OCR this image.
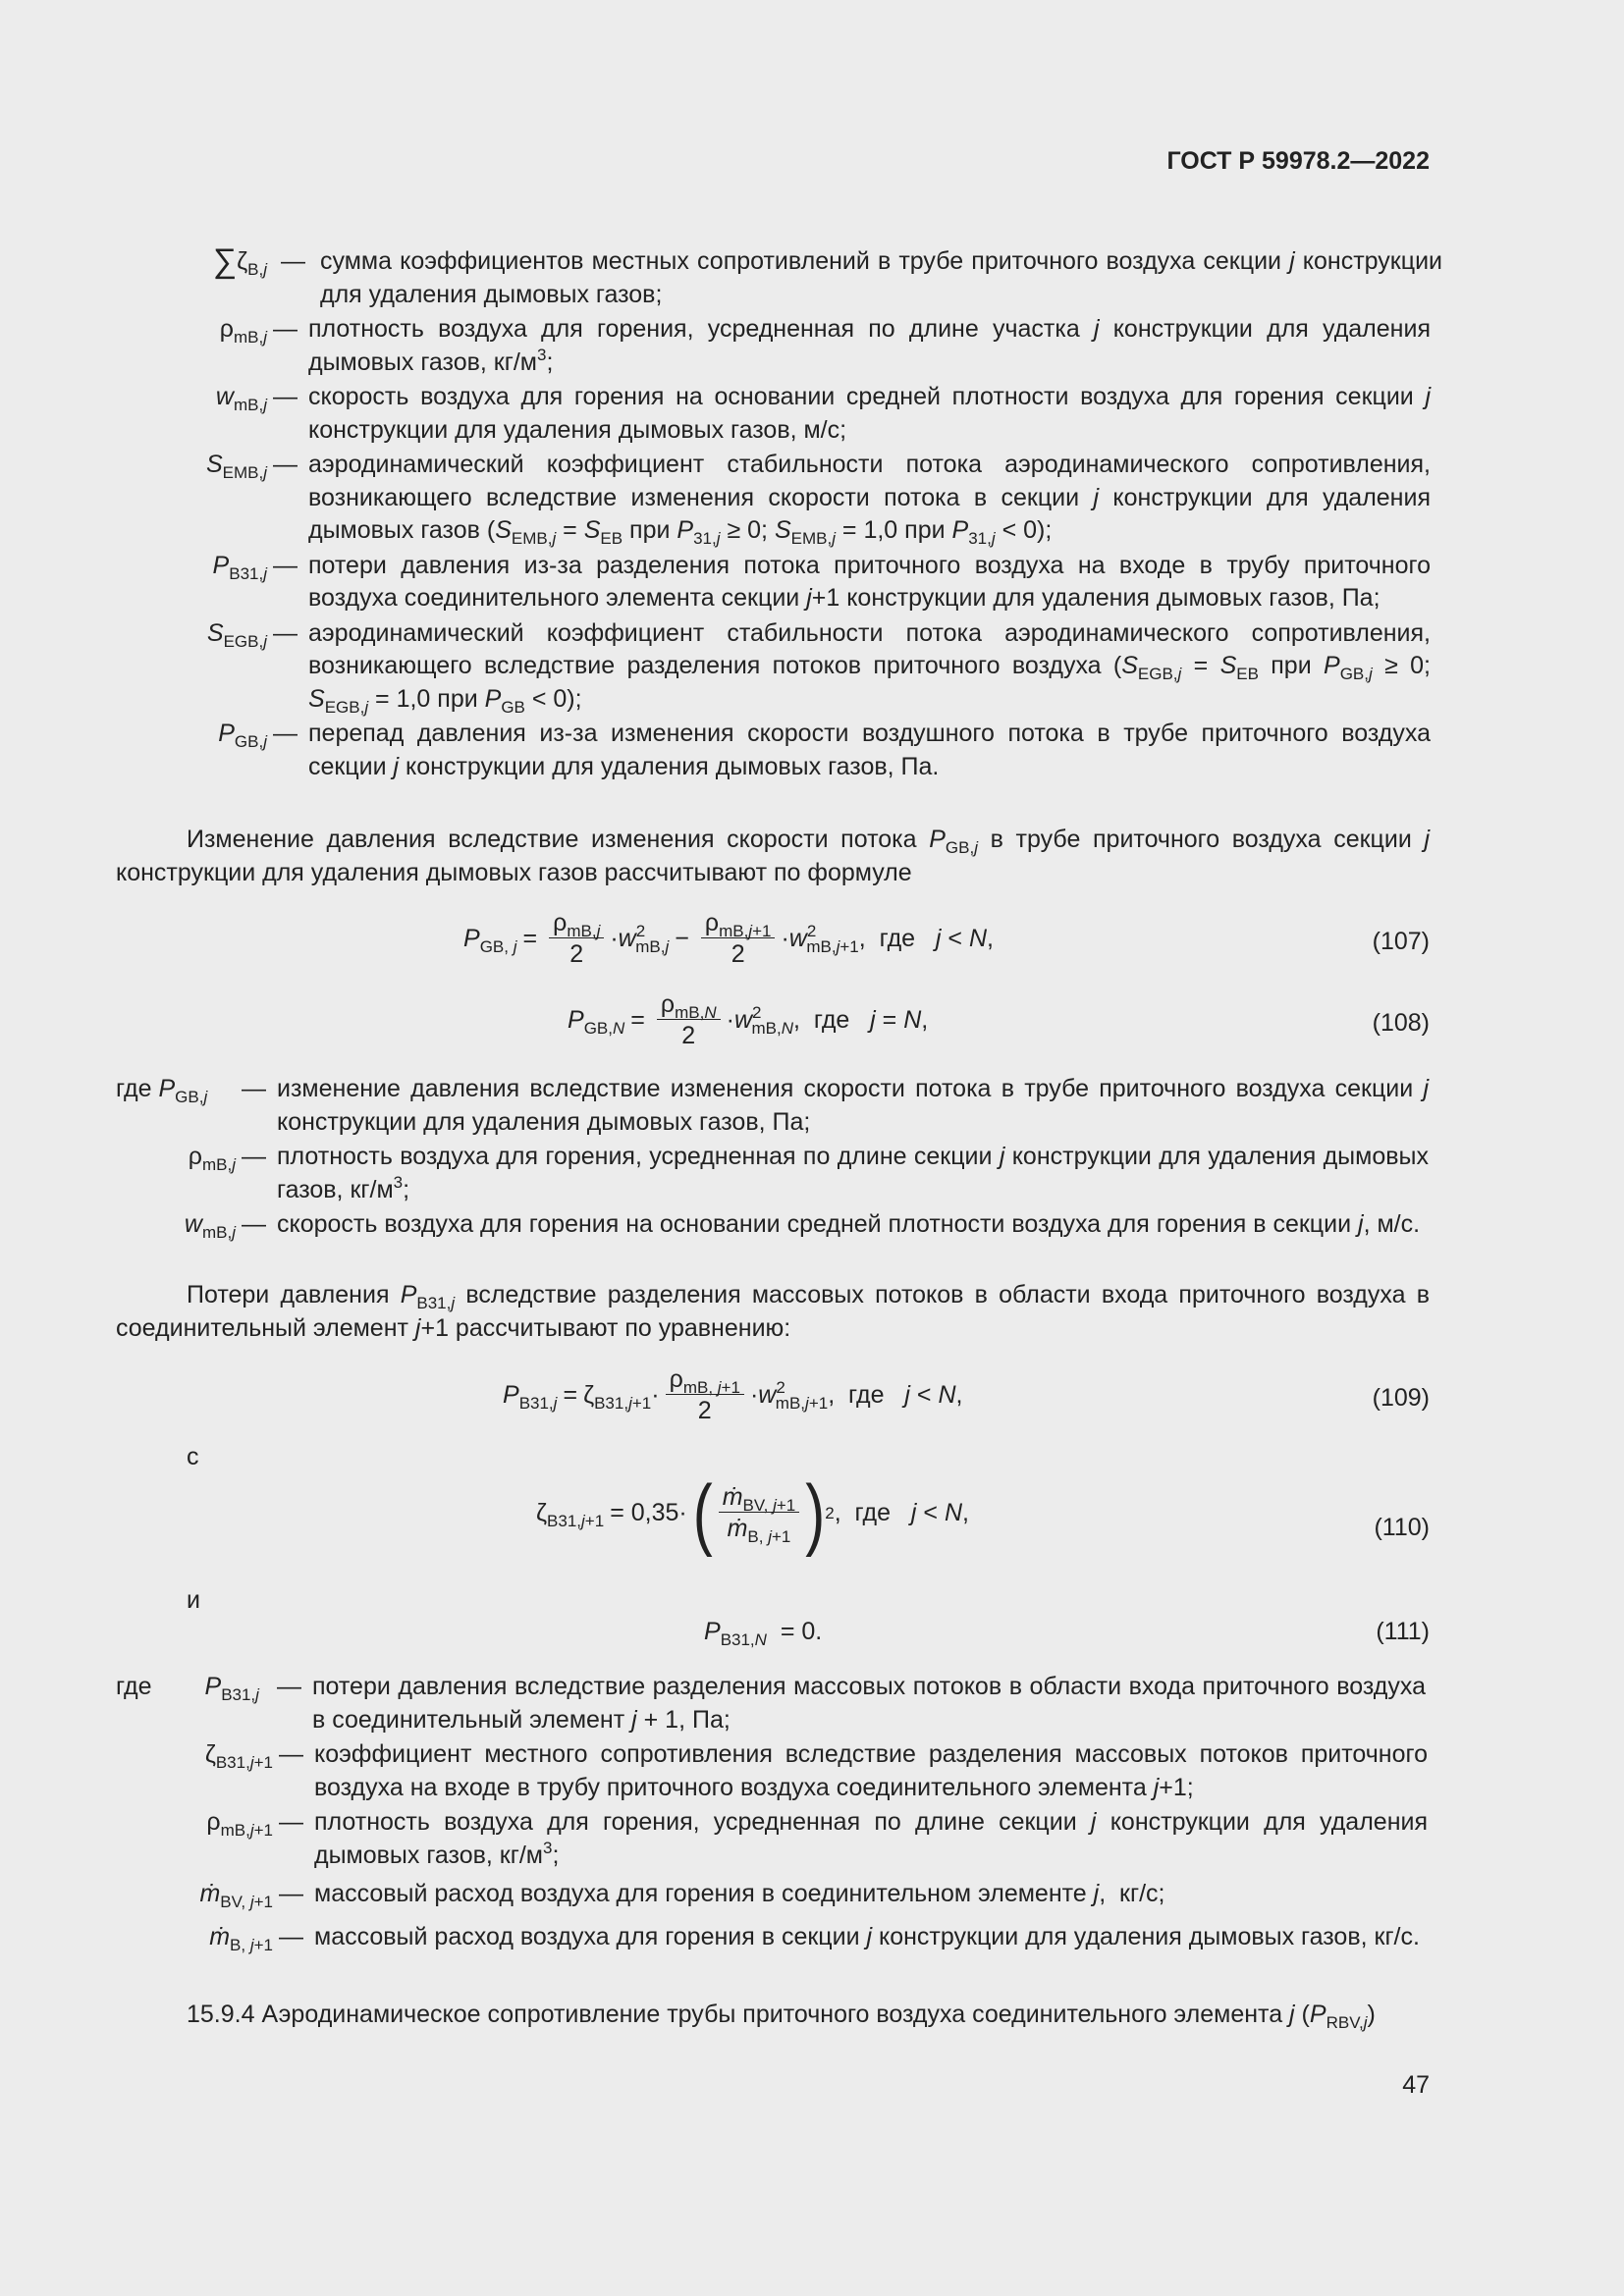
ГОСТ Р 59978.2—2022
$\sum\zeta_{B,j}$ — сумма коэффициентов местных сопротивлений в трубе приточного воздуха секции j конструкции для удаления дымовых газов;
$\rho_{mB,j}$ — плотность воздуха для горения, усредненная по длине участка j конструкции для удаления дымовых газов, $кг/м^3$;
$w_{mB,j}$ — скорость воздуха для горения на основании средней плотности воздуха для горения секции j конструкции для удаления дымовых газов, м/с;
$S_{EMB,j}$ — аэродинамический коэффициент стабильности потока аэродинамического сопротивления, возникающего вследствие изменения скорости потока в секции j конструкции для удаления дымовых газов ($S_{EMB,j} = S_{EB}$ при $P_{31,j} \ge 0$; $S_{EMB,j} = 1,0$ при $P_{31,j} < 0$);
$P_{B31,j}$ — потери давления из-за разделения потока приточного воздуха на входе в трубу приточного воздуха соединительного элемента секции j+1 конструкции для удаления дымовых газов, Па;
$S_{EGB,j}$ — аэродинамический коэффициент стабильности потока аэродинамического сопротивления, возникающего вследствие разделения потоков приточного воздуха ($S_{EGB,j} = S_{EB}$ при $P_{GB,j} \ge 0$; $S_{EGB,j} = 1,0$ при $P_{GB} < 0$);
$P_{GB,j}$ — перепад давления из-за изменения скорости воздушного потока в трубе приточного воздуха секции j конструкции для удаления дымовых газов, Па.
Изменение давления вследствие изменения скорости потока $P_{GB,j}$ в трубе приточного воздуха секции j конструкции для удаления дымовых газов рассчитывают по формуле
$P_{GB, j} = \frac{\rho_{mB,j}}{2} \cdot w^2_{mB,j} - \frac{\rho_{mB,j+1}}{2} \cdot w^2_{mB,j+1}$,  где   j < N,	(107)
$P_{GB,N} = \frac{\rho_{mB,N}}{2} \cdot w^2_{mB,N}$,  где   j = N,	(108)
где $P_{GB,j}$	— изменение давления вследствие изменения скорости потока в трубе приточного воздуха секции j конструкции для удаления дымовых газов, Па;
$\rho_{mB,j}$ — плотность воздуха для горения, усредненная по длине секции j конструкции для удаления дымовых газов, $кг/м^3$;
$w_{mB,j}$ — скорость воздуха для горения на основании средней плотности воздуха для горения в секции j, м/с.
Потери давления $P_{B31,j}$ вследствие разделения массовых потоков в области входа приточного воздуха в соединительный элемент j+1 рассчитывают по уравнению:
$P_{B31,j} = \zeta_{B31,j+1}\cdot \frac{\rho_{mB, j+1}}{2} \cdot w^2_{mB,j+1}$,  где   j < N,	(109)
с
$\zeta_{B31,j+1} = 0,35\cdot$ ( $\frac{ṁ_{BV, j+1}}{ṁ_{B, j+1}}$ ) 2 ,  где   j < N,
(110)
и
$P_{B31,N} = 0$.	(111)
где $P_{B31,j}$ — потери давления вследствие разделения массовых потоков в области входа приточного воздуха в соединительный элемент j + 1, Па;
$\zeta_{B31,j+1}$ — коэффициент местного сопротивления вследствие разделения массовых потоков приточного воздуха на входе в трубу приточного воздуха соединительного элемента j+1;
$\rho_{mB,j+1}$ — плотность воздуха для горения, усредненная по длине секции j конструкции для удаления дымовых газов, $кг/м^3$;
ṁ$_{BV, j+1}$ — массовый расход воздуха для горения в соединительном элементе j,  кг/с;
ṁ$_{B, j+1}$ — массовый расход воздуха для горения в секции j конструкции для удаления дымовых газов, кг/с.
15.9.4 Аэродинамическое сопротивление трубы приточного воздуха соединительного элемента j $(P_{RBV,j})$
47
